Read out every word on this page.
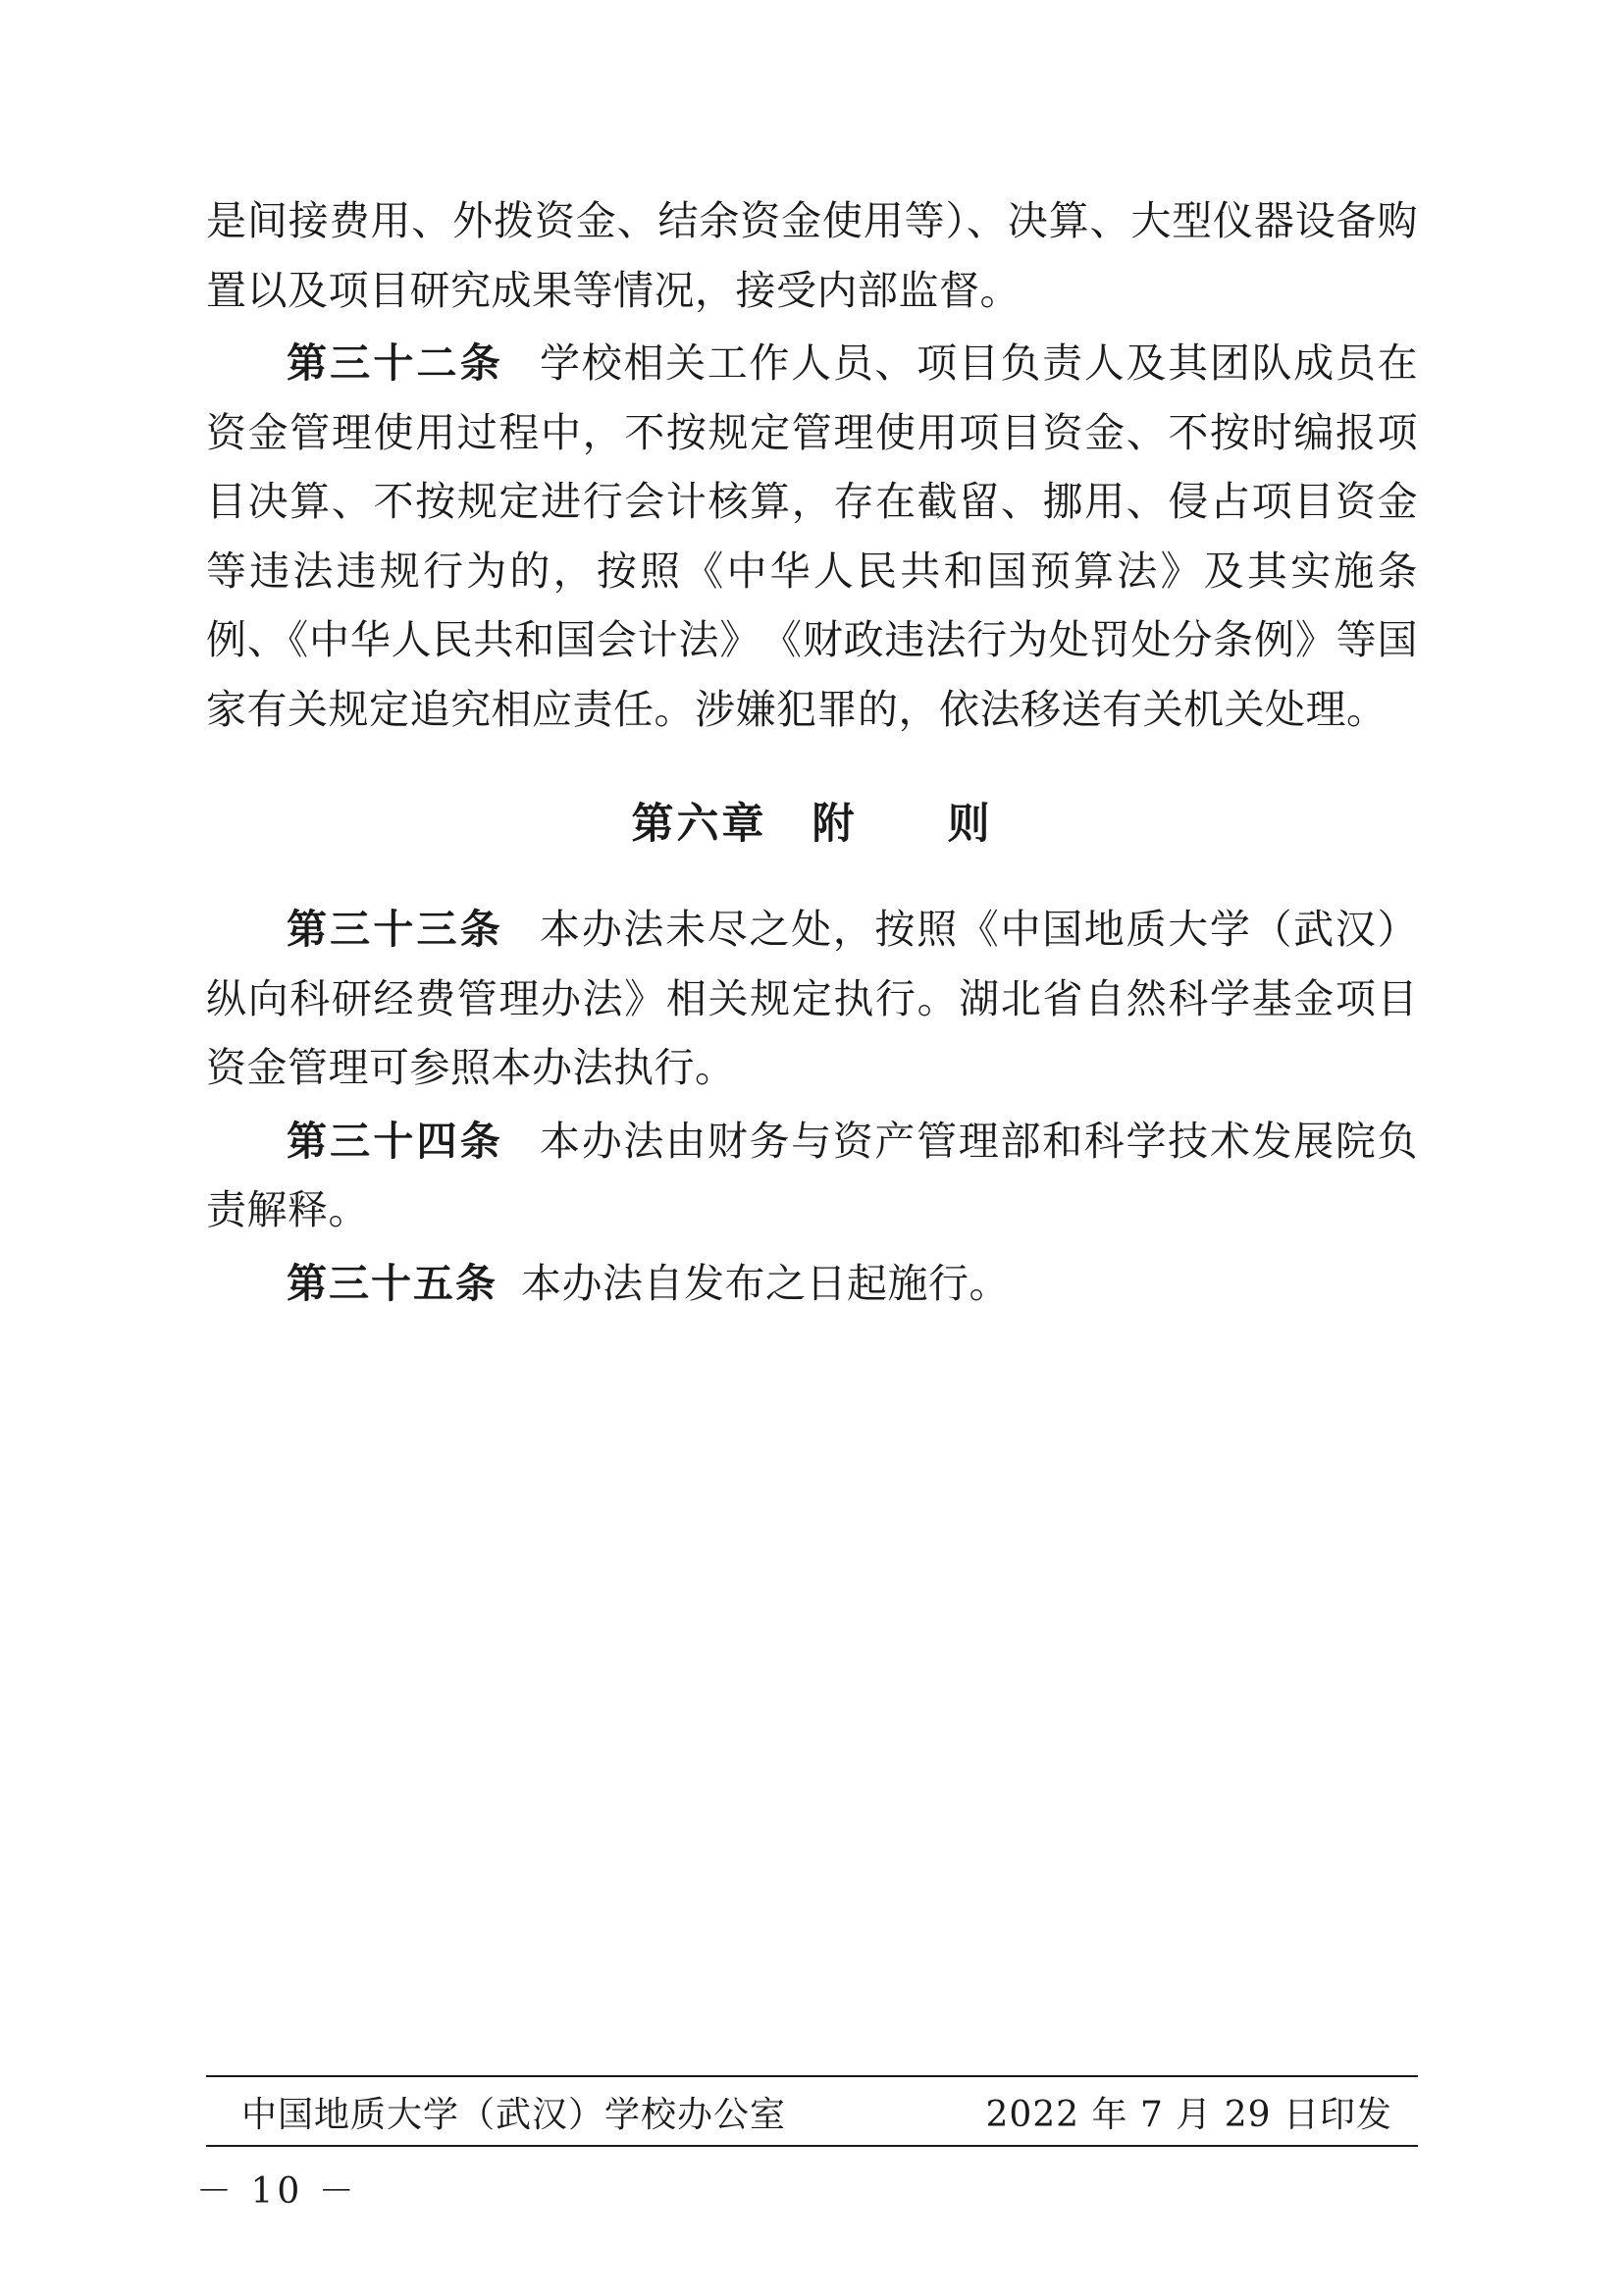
是间接费用、外拨资金、结余资金使用等）、决算、大型仪器设备购置以及项目研究成果等情况，接受内部监督。

第三十二条 学校相关工作人员、项目负责人及其团队成员在资金管理使用过程中，不按规定管理使用项目资金、不按时编报项目决算、不按规定进行会计核算，存在截留、挪用、侵占项目资金等违法违规行为的，按照《中华人民共和国预算法》及其实施条例、《中华人民共和国会计法》　《财政违法行为处罚处分条例》等国家有关规定追究相应责任。涉嫌犯罪的，依法移送有关机关处理。

第六章　附　　则

第三十三条 本办法未尽之处，按照《中国地质大学（武汉）纵向科研经费管理办法》相关规定执行。湖北省自然科学基金项目资金管理可参照本办法执行。

第三十四条 本办法由财务与资产管理部和科学技术发展院负责解释。

第三十五条 本办法自发布之日起施行。

中国地质大学（武汉）学校办公室	2022 年 7 月 29 日印发
－ 10 －
